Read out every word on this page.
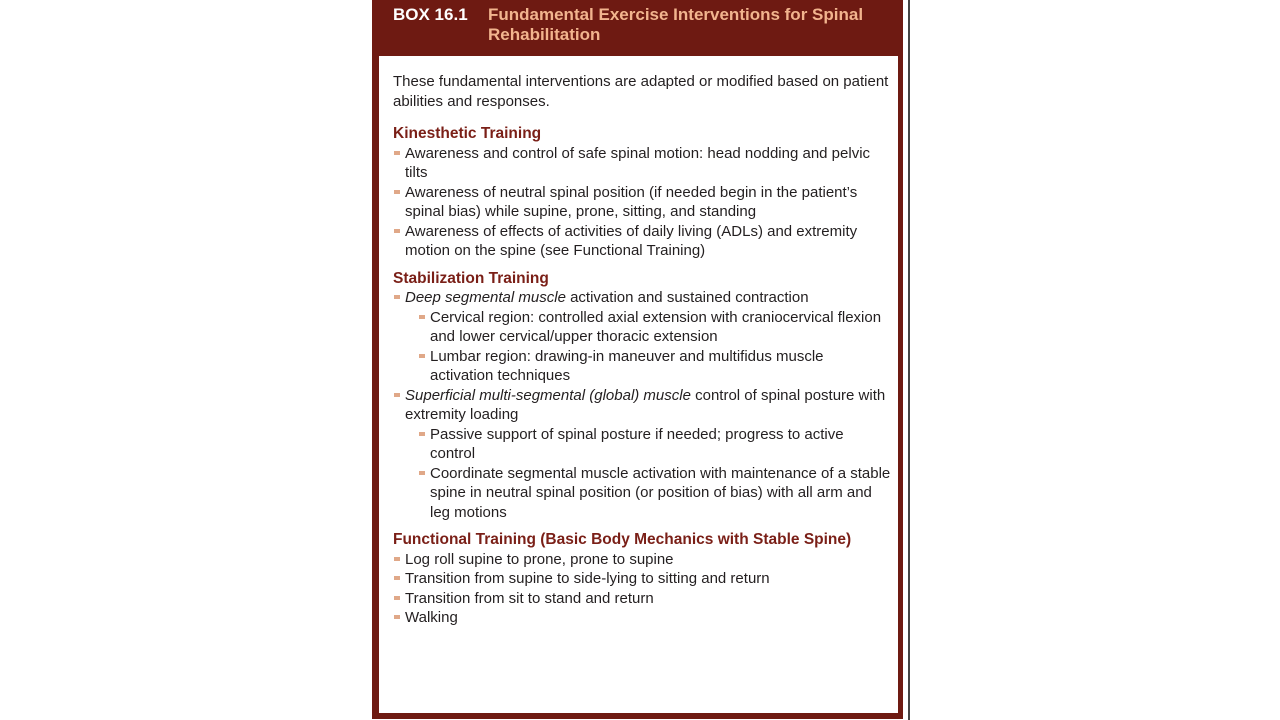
BOX 16.1 Fundamental Exercise Interventions for Spinal Rehabilitation

These fundamental interventions are adapted or modified based on patient abilities and responses.

Kinesthetic Training

Awareness and control of safe spinal motion: head nodding and pelvic tilts
Awareness of neutral spinal position (if needed begin in the patient’s spinal bias) while supine, prone, sitting, and standing
Awareness of effects of activities of daily living (ADLs) and extremity motion on the spine (see Functional Training)

Stabilization Training

Deep segmental muscle activation and sustained contraction
Cervical region: controlled axial extension with craniocervical flexion and lower cervical/upper thoracic extension
Lumbar region: drawing-in maneuver and multifidus muscle activation techniques
Superficial multi-segmental (global) muscle control of spinal posture with extremity loading
Passive support of spinal posture if needed; progress to active control
Coordinate segmental muscle activation with maintenance of a stable spine in neutral spinal position (or position of bias) with all arm and leg motions

Functional Training (Basic Body Mechanics with Stable Spine)

Log roll supine to prone, prone to supine
Transition from supine to side-lying to sitting and return
Transition from sit to stand and return
Walking
